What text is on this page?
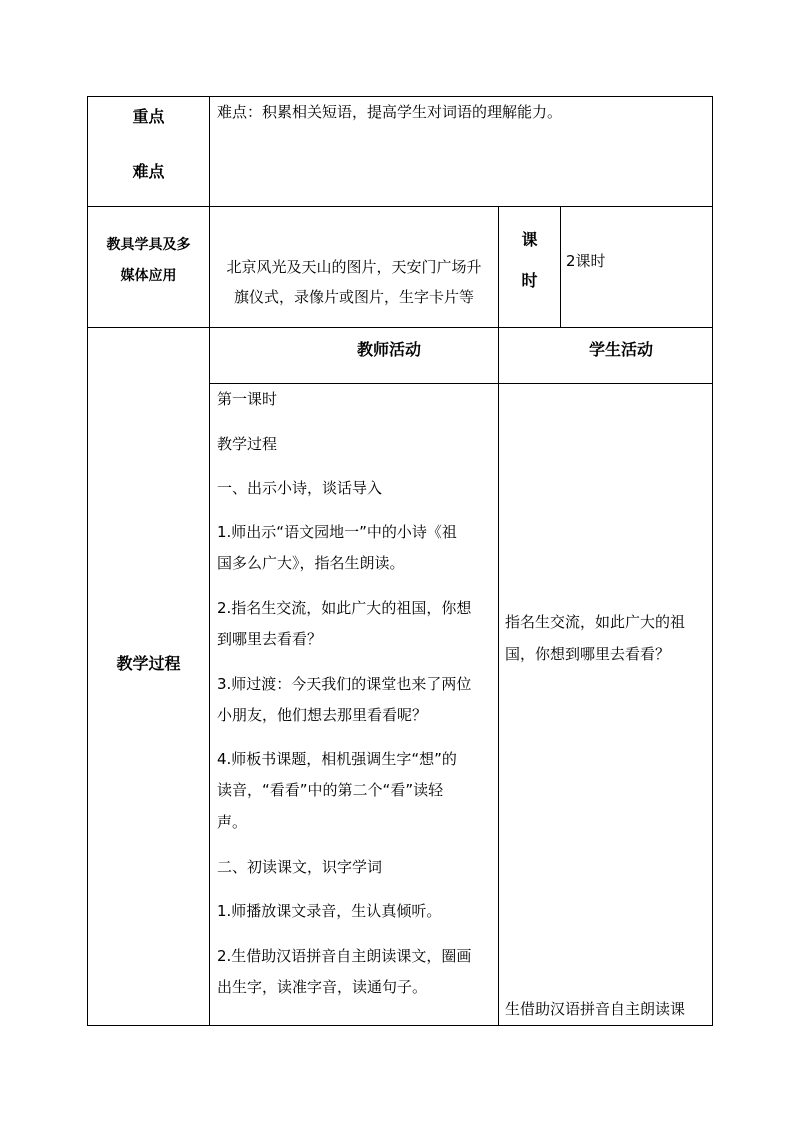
重点
难点
难点：积累相关短语，提高学生对词语的理解能力。
教具学具及多
媒体应用	北京风光及天山的图片，天安门广场升
旗仪式，录像片或图片，生字卡片等
课
时
2课时
教学过程
教师活动	学生活动
第一课时
教学过程
一、出示小诗，谈话导入
1.师出示“语文园地一”中的小诗《祖
国多么广大》，指名生朗读。
2.指名生交流，如此广大的祖国，你想
到哪里去看看？
3.师过渡：今天我们的课堂也来了两位
小朋友，他们想去那里看看呢？
4.师板书课题，相机强调生字“想”的
读音，“看看”中的第二个“看”读轻
声。
二、初读课文，识字学词
1.师播放课文录音，生认真倾听。
2.生借助汉语拼音自主朗读课文，圈画
出生字，读准字音，读通句子。
指名生交流，如此广大的祖
国，你想到哪里去看看？
生借助汉语拼音自主朗读课
